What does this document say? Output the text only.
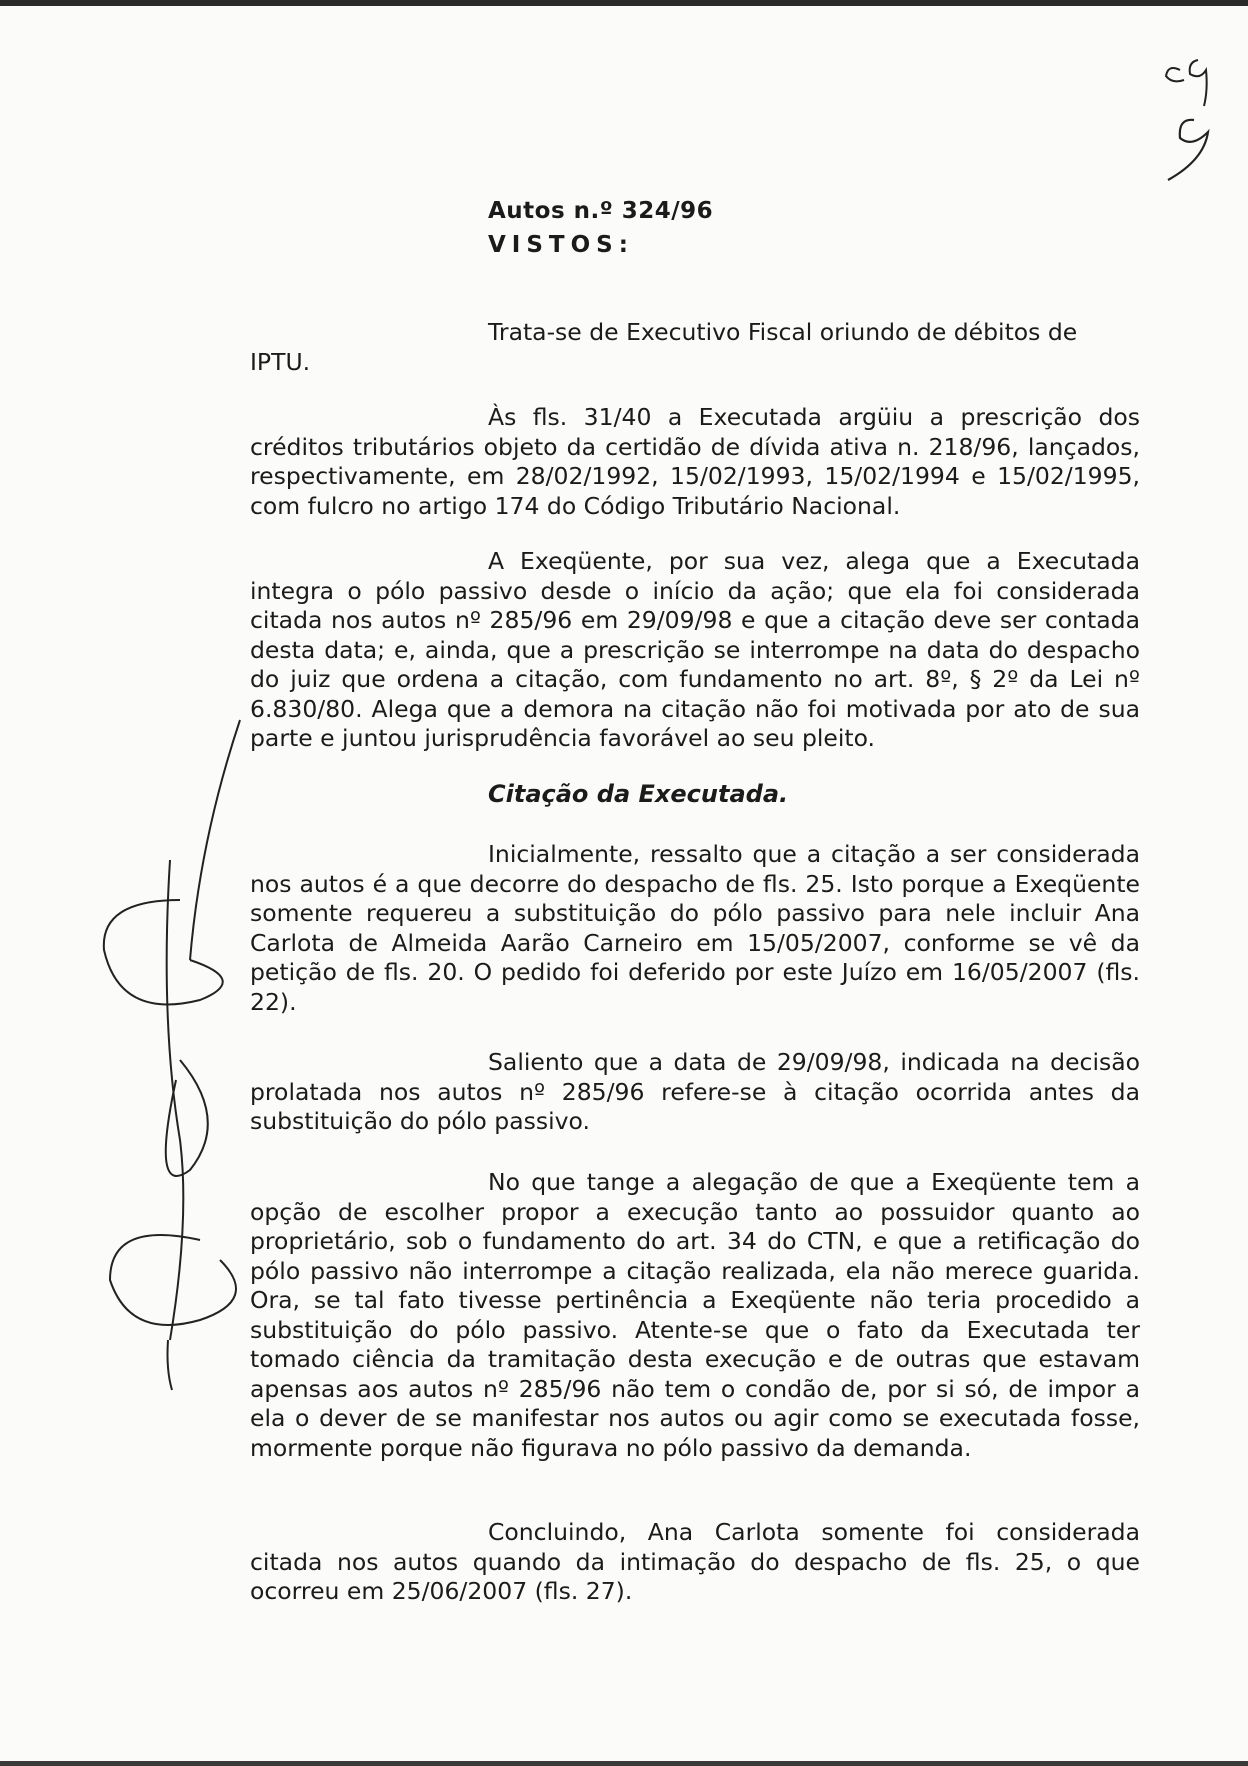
Autos n.º 324/96
VISTOS:
Trata-se de Executivo Fiscal oriundo de débitos de
IPTU.
Às fls. 31/40 a Executada argüiu a prescrição dos créditos tributários objeto da certidão de dívida ativa n. 218/96, lançados, respectivamente, em 28/02/1992, 15/02/1993, 15/02/1994 e 15/02/1995, com fulcro no artigo 174 do Código Tributário Nacional.
A Exeqüente, por sua vez, alega que a Executada integra o pólo passivo desde o início da ação; que ela foi considerada citada nos autos nº 285/96 em 29/09/98 e que a citação deve ser contada desta data; e, ainda, que a prescrição se interrompe na data do despacho do juiz que ordena a citação, com fundamento no art. 8º, § 2º da Lei nº 6.830/80. Alega que a demora na citação não foi motivada por ato de sua parte e juntou jurisprudência favorável ao seu pleito.
Citação da Executada.
Inicialmente, ressalto que a citação a ser considerada nos autos é a que decorre do despacho de fls. 25. Isto porque a Exeqüente somente requereu a substituição do pólo passivo para nele incluir Ana Carlota de Almeida Aarão Carneiro em 15/05/2007, conforme se vê da petição de fls. 20. O pedido foi deferido por este Juízo em 16/05/2007 (fls. 22).
Saliento que a data de 29/09/98, indicada na decisão prolatada nos autos nº 285/96 refere-se à citação ocorrida antes da substituição do pólo passivo.
No que tange a alegação de que a Exeqüente tem a opção de escolher propor a execução tanto ao possuidor quanto ao proprietário, sob o fundamento do art. 34 do CTN, e que a retificação do pólo passivo não interrompe a citação realizada, ela não merece guarida. Ora, se tal fato tivesse pertinência a Exeqüente não teria procedido a substituição do pólo passivo. Atente-se que o fato da Executada ter tomado ciência da tramitação desta execução e de outras que estavam apensas aos autos nº 285/96 não tem o condão de, por si só, de impor a ela o dever de se manifestar nos autos ou agir como se executada fosse, mormente porque não figurava no pólo passivo da demanda.
Concluindo, Ana Carlota somente foi considerada citada nos autos quando da intimação do despacho de fls. 25, o que ocorreu em 25/06/2007 (fls. 27).
